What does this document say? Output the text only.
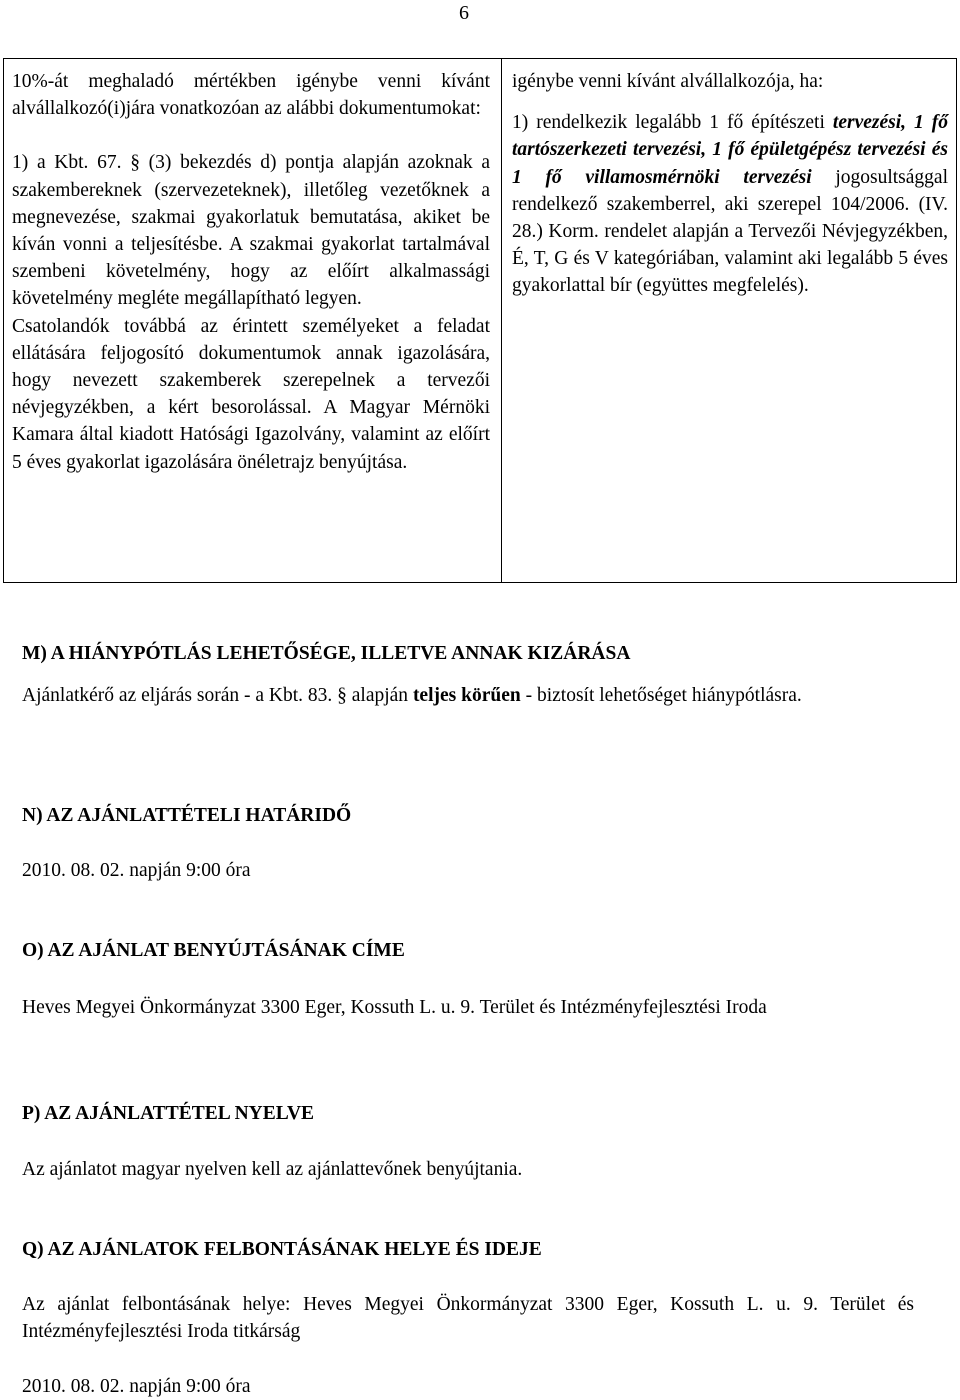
6

10%-át meghaladó mértékben igénybe venni kívánt alvállalkozó(i)jára vonatkozóan az alábbi dokumentumokat:

1) a Kbt. 67. § (3) bekezdés d) pontja alapján azoknak a szakembereknek (szervezeteknek), illetőleg vezetőknek a megnevezése, szakmai gyakorlatuk bemutatása, akiket be kíván vonni a teljesítésbe. A szakmai gyakorlat tartalmával szembeni követelmény, hogy az előírt alkalmassági követelmény megléte megállapítható legyen.

Csatolandók továbbá az érintett személyeket a feladat ellátására feljogosító dokumentumok annak igazolására, hogy nevezett szakemberek szerepelnek a tervezői névjegyzékben, a kért besorolással. A Magyar Mérnöki Kamara által kiadott Hatósági Igazolvány, valamint az előírt 5 éves gyakorlat igazolására önéletrajz benyújtása.

igénybe venni kívánt alvállalkozója, ha:

1) rendelkezik legalább 1 fő építészeti tervezési, 1 fő tartószerkezeti tervezési, 1 fő épületgépész tervezési és 1 fő villamosmérnöki tervezési jogosultsággal rendelkező szakemberrel, aki szerepel 104/2006. (IV. 28.) Korm. rendelet alapján a Tervezői Névjegyzékben, É, T, G és V kategóriában, valamint aki legalább 5 éves gyakorlattal bír (együttes megfelelés).

M) A HIÁNYPÓTLÁS LEHETŐSÉGE, ILLETVE ANNAK KIZÁRÁSA

Ajánlatkérő az eljárás során - a Kbt. 83. § alapján teljes körűen - biztosít lehetőséget hiánypótlásra.

N) AZ AJÁNLATTÉTELI HATÁRIDŐ

2010. 08. 02. napján 9:00 óra

O) AZ AJÁNLAT BENYÚJTÁSÁNAK CÍME

Heves Megyei Önkormányzat 3300 Eger, Kossuth L. u. 9. Terület és Intézményfejlesztési Iroda

P) AZ AJÁNLATTÉTEL NYELVE

Az ajánlatot magyar nyelven kell az ajánlattevőnek benyújtania.

Q) AZ AJÁNLATOK FELBONTÁSÁNAK HELYE ÉS IDEJE

Az ajánlat felbontásának helye: Heves Megyei Önkormányzat 3300 Eger, Kossuth L. u. 9. Terület és Intézményfejlesztési Iroda titkárság

2010. 08. 02. napján 9:00 óra
